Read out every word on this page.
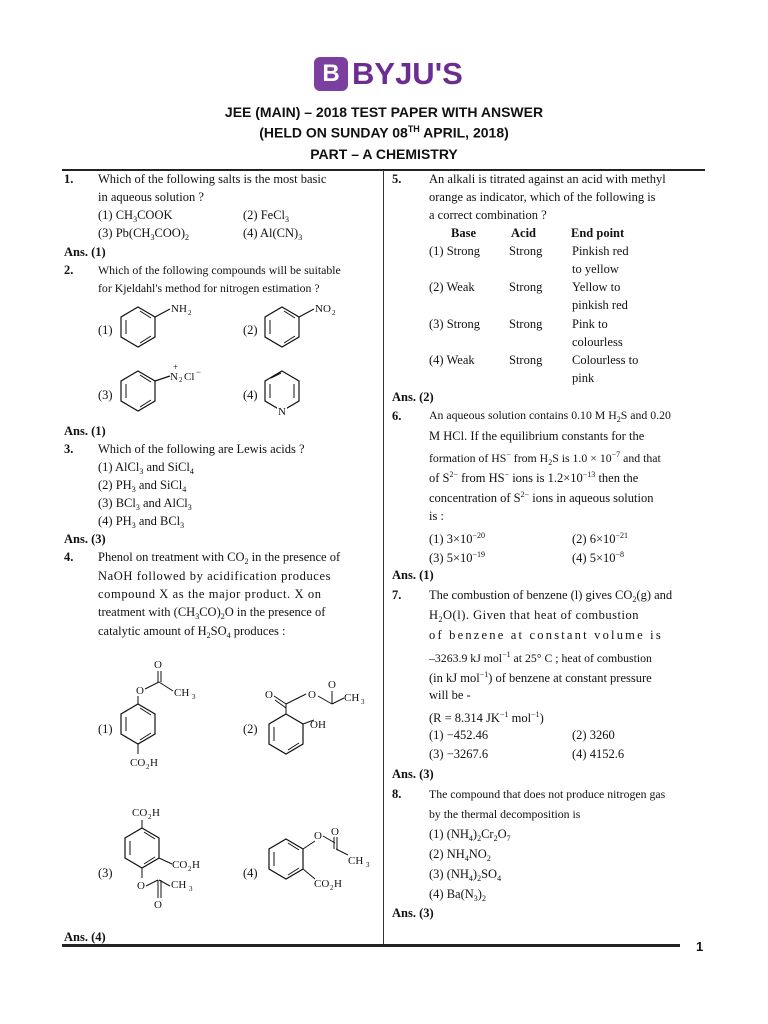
B BYJU'S
JEE (MAIN) – 2018 TEST PAPER WITH ANSWER
(HELD ON SUNDAY 08TH APRIL, 2018)
PART – A CHEMISTRY
1
1. Which of the following salts is the most basic
in aqueous solution ?
(1) $CH_3COOK$	(2) FeCl$_3$
(3) $Pb(CH_3COO)_2$	(4) $Al(CN)_3$
Ans. (1)
2. Which of the following compounds will be suitable
for Kjeldahl's method for nitrogen estimation ?
(1)	(2)
(3)	(4)
NH 2	NO 2
N
+
2 Cl −
N
Ans. (1)
3. Which of the following are Lewis acids ?
(1) AlCl$_3$ and SiCl$_4$
(2) $PH_3$ and SiCl$_4$
(3) BCl$_3$ and AlCl$_3$
(4) $PH_3$ and BCl$_3$
Ans. (3)
4. Phenol on treatment with $CO_2$ in the presence of
NaOH followed by acidification produces
compound X as the major product. X on
treatment with $(CH_3CO)_2O$ in the presence of
catalytic amount of $H_2SO_4$ produces :
(1)	(2)
(3)	(4)
O
CH 3
O
CO 2 H
O	O
O
CH 3
OH
CO 2 H
CO 2 H
O
O
CH 3
O O
CH 3
CO 2 H
Ans. (4)
5. An alkali is titrated against an acid with methyl
orange as indicator, which of the following is
a correct combination ?
Base	Acid	End point
(1) Strong Strong Pinkish red
to yellow
(2) Weak	Strong Yellow to
pinkish red
(3) Strong Strong Pink to
colourless
(4) Weak	Strong Colourless to
pink
Ans. (2)
6. An aqueous solution contains 0.10 M $H_2S$ and 0.20
M HCl. If the equilibrium constants for the
formation of HS− from $H_2S$ is $1.0 \times 10^{-7}$ and that
of $S^{2-}$ from HS− ions is $1.2\times 10^{-13}$ then the
concentration of $S^{2-}$ ions in aqueous solution
is :
(1) $3\times 10^{-20}$	(2) $6\times 10^{-21}$
(3) $5\times 10^{-19}$	(4) $5\times 10^{-8}$
Ans. (1)
7. The combustion of benzene (l) gives $CO_2(g)$ and
$H_2O(l)$. Given that heat of combustion
of benzene at constant volume is
–3263.9 kJ mol$^{-1}$ at 25° C ; heat of combustion
(in kJ mol$^{-1}$) of benzene at constant pressure
will be -
(R = 8.314 $JK^{-1}$ mol$^{-1}$)
(1) −452.46	(2) 3260
(3) −3267.6	(4) 4152.6
Ans. (3)
8. The compound that does not produce nitrogen gas
by the thermal decomposition is
(1) $(NH_4)_2Cr_2O_7$
(2) $NH_4NO_2$
(3) $(NH_4)_2SO_4$
(4) $Ba(N_3)_2$
Ans. (3)
